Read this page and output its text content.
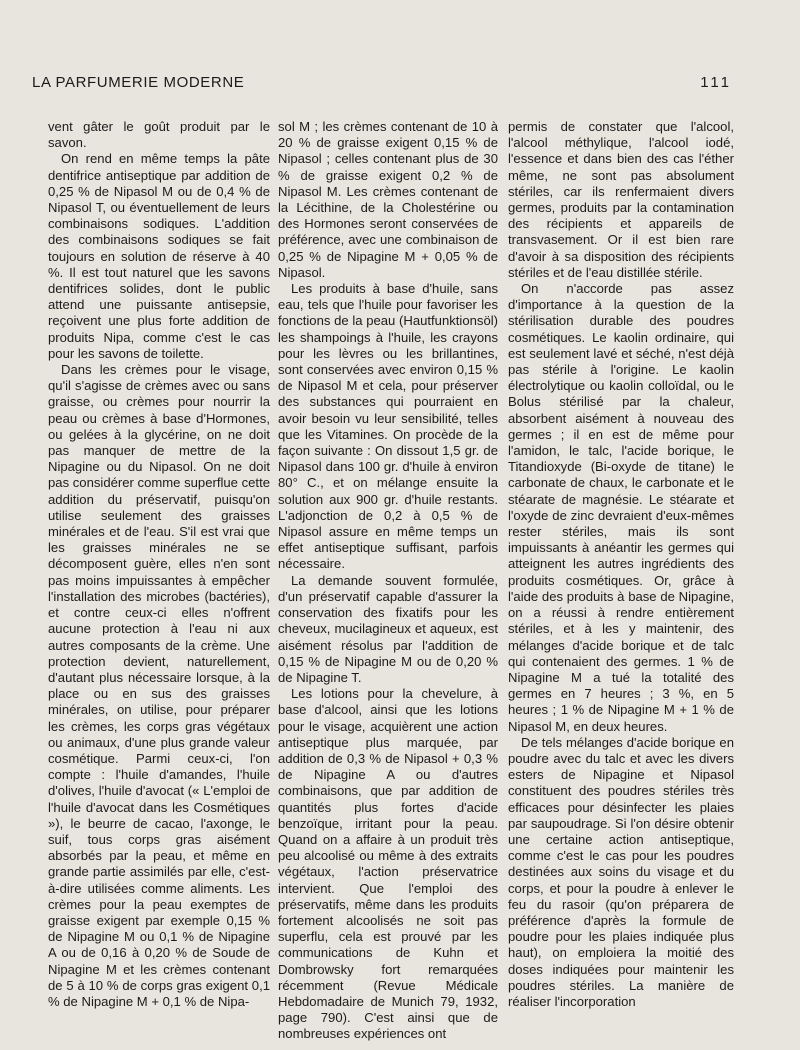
LA PARFUMERIE MODERNE	111

vent gâter le goût produit par le savon.

On rend en même temps la pâte dentifrice antiseptique par addition de 0,25 % de Nipasol M ou de 0,4 % de Nipasol T, ou éventuellement de leurs combinaisons sodiques. L'addition des combinaisons sodiques se fait toujours en solution de réserve à 40 %. Il est tout naturel que les savons dentifrices solides, dont le public attend une puissante antisepsie, reçoivent une plus forte addition de produits Nipa, comme c'est le cas pour les savons de toilette.

Dans les crèmes pour le visage, qu'il s'agisse de crèmes avec ou sans graisse, ou crèmes pour nourrir la peau ou crèmes à base d'Hormones, ou gelées à la glycérine, on ne doit pas manquer de mettre de la Nipagine ou du Nipasol. On ne doit pas considérer comme superflue cette addition du préservatif, puisqu'on utilise seulement des graisses minérales et de l'eau. S'il est vrai que les graisses minérales ne se décomposent guère, elles n'en sont pas moins impuissantes à empêcher l'installation des microbes (bactéries), et contre ceux-ci elles n'offrent aucune protection à l'eau ni aux autres composants de la crème. Une protection devient, naturellement, d'autant plus nécessaire lorsque, à la place ou en sus des graisses minérales, on utilise, pour préparer les crèmes, les corps gras végétaux ou animaux, d'une plus grande valeur cosmétique. Parmi ceux-ci, l'on compte : l'huile d'amandes, l'huile d'olives, l'huile d'avocat (« L'emploi de l'huile d'avocat dans les Cosmétiques »), le beurre de cacao, l'axonge, le suif, tous corps gras aisément absorbés par la peau, et même en grande partie assimilés par elle, c'est-à-dire utilisées comme aliments. Les crèmes pour la peau exemptes de graisse exigent par exemple 0,15 % de Nipagine M ou 0,1 % de Nipagine A ou de 0,16 à 0,20 % de Soude de Nipagine M et les crèmes contenant de 5 à 10 % de corps gras exigent 0,1 % de Nipagine M + 0,1 % de Nipa-

sol M ; les crèmes contenant de 10 à 20 % de graisse exigent 0,15 % de Nipasol ; celles contenant plus de 30 % de graisse exigent 0,2 % de Nipasol M. Les crèmes contenant de la Lécithine, de la Cholestérine ou des Hormones seront conservées de préférence, avec une combinaison de 0,25 % de Nipagine M + 0,05 % de Nipasol.

Les produits à base d'huile, sans eau, tels que l'huile pour favoriser les fonctions de la peau (Hautfunktionsöl) les shampoings à l'huile, les crayons pour les lèvres ou les brillantines, sont conservées avec environ 0,15 % de Nipasol M et cela, pour préserver des substances qui pourraient en avoir besoin vu leur sensibilité, telles que les Vitamines. On procède de la façon suivante : On dissout 1,5 gr. de Nipasol dans 100 gr. d'huile à environ 80° C., et on mélange ensuite la solution aux 900 gr. d'huile restants. L'adjonction de 0,2 à 0,5 % de Nipasol assure en même temps un effet antiseptique suffisant, parfois nécessaire.

La demande souvent formulée, d'un préservatif capable d'assurer la conservation des fixatifs pour les cheveux, mucilagineux et aqueux, est aisément résolus par l'addition de 0,15 % de Nipagine M ou de 0,20 % de Nipagine T.

Les lotions pour la chevelure, à base d'alcool, ainsi que les lotions pour le visage, acquièrent une action antiseptique plus marquée, par addition de 0,3 % de Nipasol + 0,3 % de Nipagine A ou d'autres combinaisons, que par addition de quantités plus fortes d'acide benzoïque, irritant pour la peau. Quand on a affaire à un produit très peu alcoolisé ou même à des extraits végétaux, l'action préservatrice intervient. Que l'emploi des préservatifs, même dans les produits fortement alcoolisés ne soit pas superflu, cela est prouvé par les communications de Kuhn et Dombrowsky fort remarquées récemment (Revue Médicale Hebdomadaire de Munich 79, 1932, page 790). C'est ainsi que de nombreuses expériences ont

permis de constater que l'alcool, l'alcool méthylique, l'alcool iodé, l'essence et dans bien des cas l'éther même, ne sont pas absolument stériles, car ils renfermaient divers germes, produits par la contamination des récipients et appareils de transvasement. Or il est bien rare d'avoir à sa disposition des récipients stériles et de l'eau distillée stérile.

On n'accorde pas assez d'importance à la question de la stérilisation durable des poudres cosmétiques. Le kaolin ordinaire, qui est seulement lavé et séché, n'est déjà pas stérile à l'origine. Le kaolin électrolytique ou kaolin colloïdal, ou le Bolus stérilisé par la chaleur, absorbent aisément à nouveau des germes ; il en est de même pour l'amidon, le talc, l'acide borique, le Titandioxyde (Bi-oxyde de titane) le carbonate de chaux, le carbonate et le stéarate de magnésie. Le stéarate et l'oxyde de zinc devraient d'eux-mêmes rester stériles, mais ils sont impuissants à anéantir les germes qui atteignent les autres ingrédients des produits cosmétiques. Or, grâce à l'aide des produits à base de Nipagine, on a réussi à rendre entièrement stériles, et à les y maintenir, des mélanges d'acide borique et de talc qui contenaient des germes. 1 % de Nipagine M a tué la totalité des germes en 7 heures ; 3 %, en 5 heures ; 1 % de Nipagine M + 1 % de Nipasol M, en deux heures.

De tels mélanges d'acide borique en poudre avec du talc et avec les divers esters de Nipagine et Nipasol constituent des poudres stériles très efficaces pour désinfecter les plaies par saupoudrage. Si l'on désire obtenir une certaine action antiseptique, comme c'est le cas pour les poudres destinées aux soins du visage et du corps, et pour la poudre à enlever le feu du rasoir (qu'on préparera de préférence d'après la formule de poudre pour les plaies indiquée plus haut), on emploiera la moitié des doses indiquées pour maintenir les poudres stériles. La manière de réaliser l'incorporation
